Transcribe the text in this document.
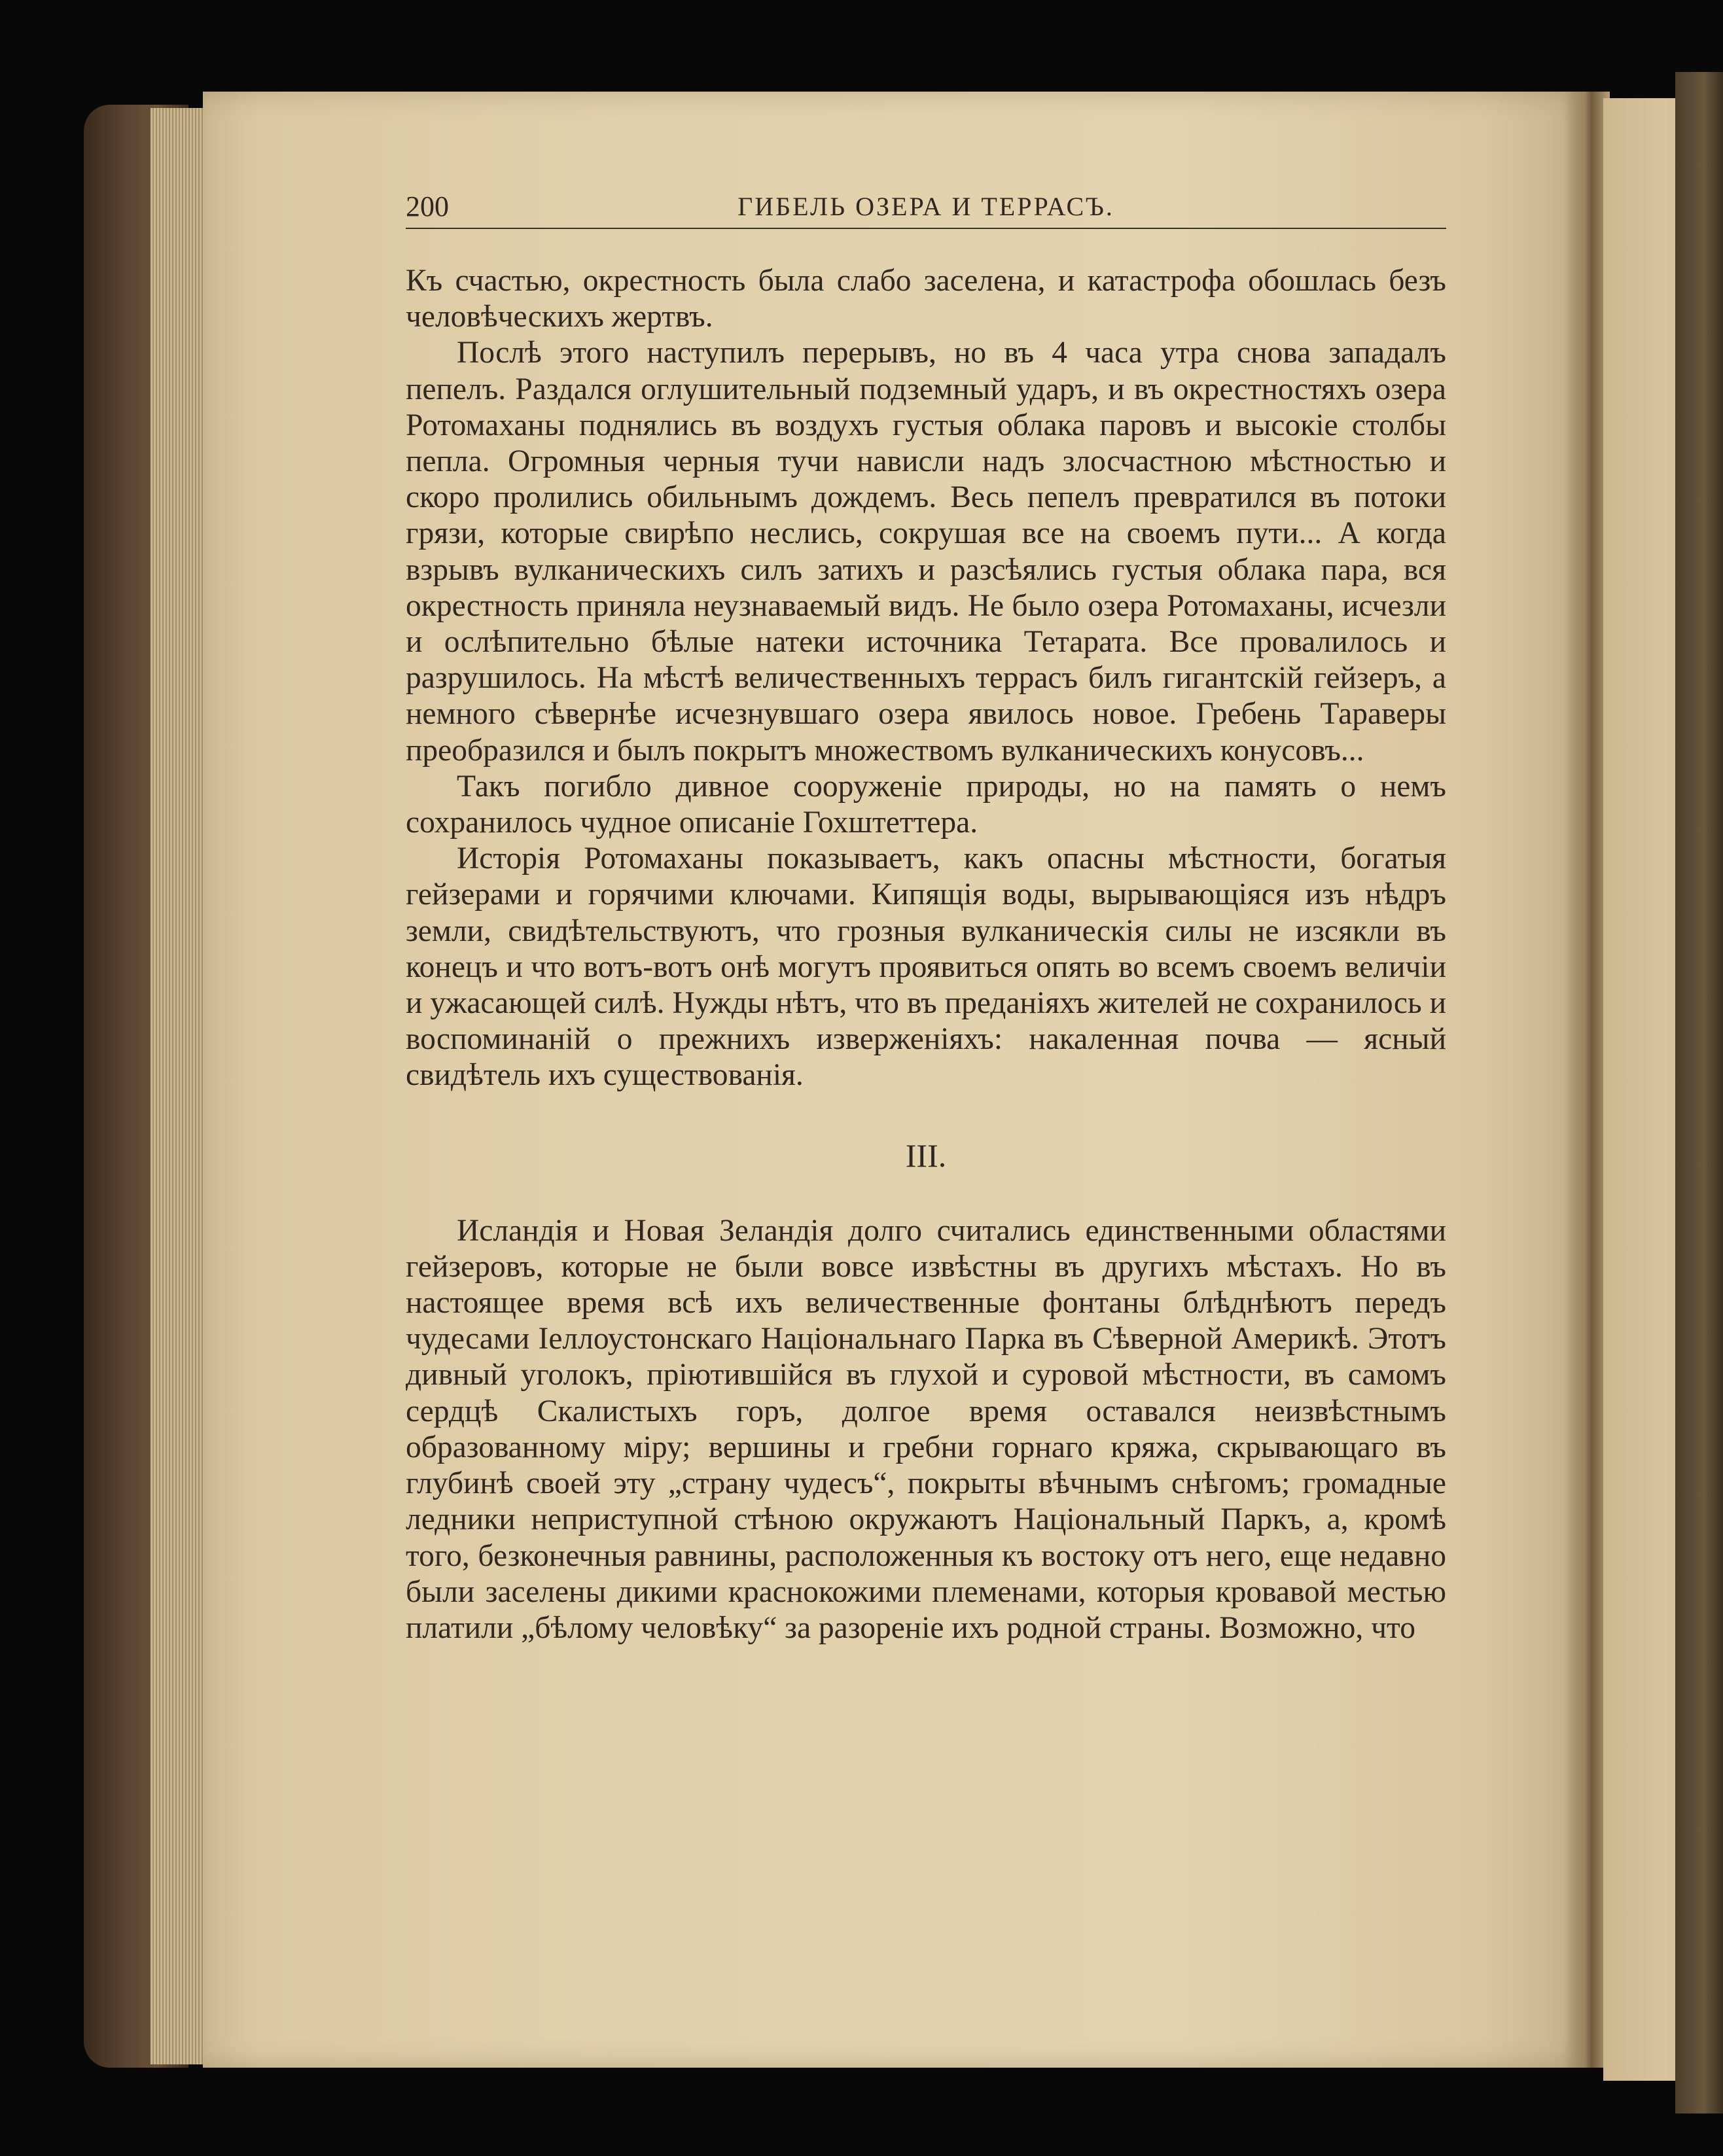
200	ГИБЕЛЬ ОЗЕРА И ТЕРРАСЪ.

Къ счастью, окрестность была слабо заселена, и катастрофа обошлась безъ человѣческихъ жертвъ.

Послѣ этого наступилъ перерывъ, но въ 4 часа утра снова западалъ пепелъ. Раздался оглушительный подземный ударъ, и въ окрестностяхъ озера Ротомаханы поднялись въ воздухъ густыя облака паровъ и высокіе столбы пепла. Огромныя черныя тучи нависли надъ злосчастною мѣстностью и скоро пролились обильнымъ дождемъ. Весь пепелъ превратился въ потоки грязи, которые свирѣпо неслись, сокрушая все на своемъ пути... А когда взрывъ вулканическихъ силъ затихъ и разсѣялись густыя облака пара, вся окрестность приняла неузнаваемый видъ. Не было озера Ротомаханы, исчезли и ослѣпительно бѣлые натеки источника Тетарата. Все провалилось и разрушилось. На мѣстѣ величественныхъ террасъ билъ гигантскій гейзеръ, а немного сѣвернѣе исчезнувшаго озера явилось новое. Гребень Тараверы преобразился и былъ покрытъ множествомъ вулканическихъ конусовъ...

Такъ погибло дивное сооруженіе природы, но на память о немъ сохранилось чудное описаніе Гохштеттера.

Исторія Ротомаханы показываетъ, какъ опасны мѣстности, богатыя гейзерами и горячими ключами. Кипящія воды, вырывающіяся изъ нѣдръ земли, свидѣтельствуютъ, что грозныя вулканическія силы не изсякли въ конецъ и что вотъ-вотъ онѣ могутъ проявиться опять во всемъ своемъ величіи и ужасающей силѣ. Нужды нѣтъ, что въ преданіяхъ жителей не сохранилось и воспоминаній о прежнихъ изверженіяхъ: накаленная почва — ясный свидѣтель ихъ существованія.

III.

Исландія и Новая Зеландія долго считались единственными областями гейзеровъ, которые не были вовсе извѣстны въ другихъ мѣстахъ. Но въ настоящее время всѣ ихъ величественные фонтаны блѣднѣютъ передъ чудесами Іеллоустонскаго Національнаго Парка въ Сѣверной Америкѣ. Этотъ дивный уголокъ, пріютившійся въ глухой и суровой мѣстности, въ самомъ сердцѣ Скалистыхъ горъ, долгое время оставался неизвѣстнымъ образованному міру; вершины и гребни горнаго кряжа, скрывающаго въ глубинѣ своей эту „страну чудесъ“, покрыты вѣчнымъ снѣгомъ; громадные ледники неприступной стѣною окружаютъ Національный Паркъ, а, кромѣ того, безконечныя равнины, расположенныя къ востоку отъ него, еще недавно были заселены дикими краснокожими племенами, которыя кровавой местью платили „бѣлому человѣку“ за разореніе ихъ родной страны. Возможно, что
